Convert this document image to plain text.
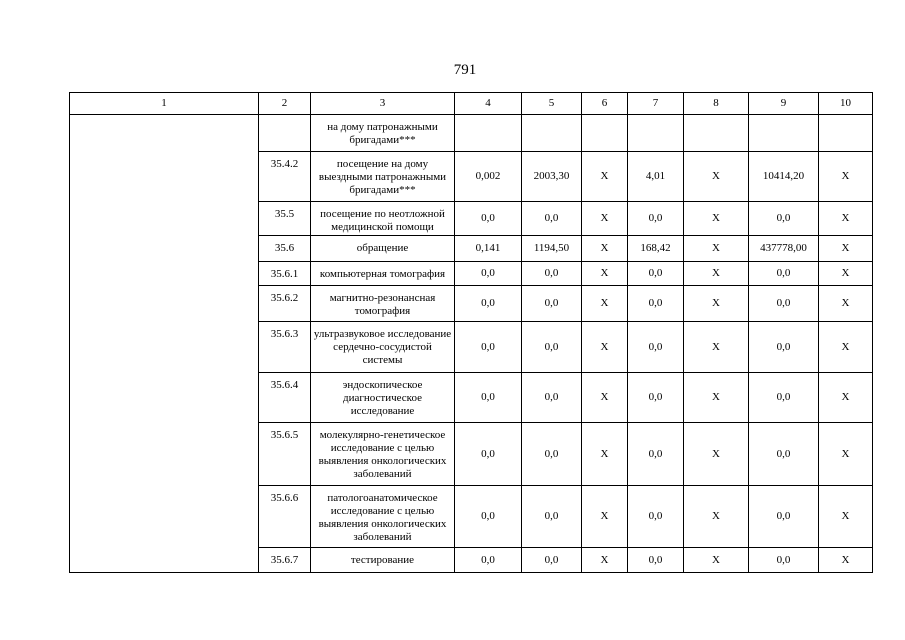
791
1	2	3	4	5	6	7	8	9	10
		на дому патронажными бригадами***							
	35.4.2	посещение на дому выездными патронажными бригадами***	0,002	2003,30	Х	4,01	Х	10414,20	Х
	35.5	посещение по неотложной медицинской помощи	0,0	0,0	Х	0,0	Х	0,0	Х
	35.6	обращение	0,141	1194,50	Х	168,42	Х	437778,00	Х
	35.6.1	компьютерная томография	0,0	0,0	Х	0,0	Х	0,0	Х
	35.6.2	магнитно-резонансная томография	0,0	0,0	Х	0,0	Х	0,0	Х
	35.6.3	ультразвуковое исследование сердечно-сосудистой системы	0,0	0,0	Х	0,0	Х	0,0	Х
	35.6.4	эндоскопическое диагностическое исследование	0,0	0,0	Х	0,0	Х	0,0	Х
	35.6.5	молекулярно-генетическое исследование с целью выявления онкологических заболеваний	0,0	0,0	Х	0,0	Х	0,0	Х
	35.6.6	патологоанатомическое исследование с целью выявления онкологических заболеваний	0,0	0,0	Х	0,0	Х	0,0	Х
	35.6.7	тестирование	0,0	0,0	Х	0,0	Х	0,0	Х
